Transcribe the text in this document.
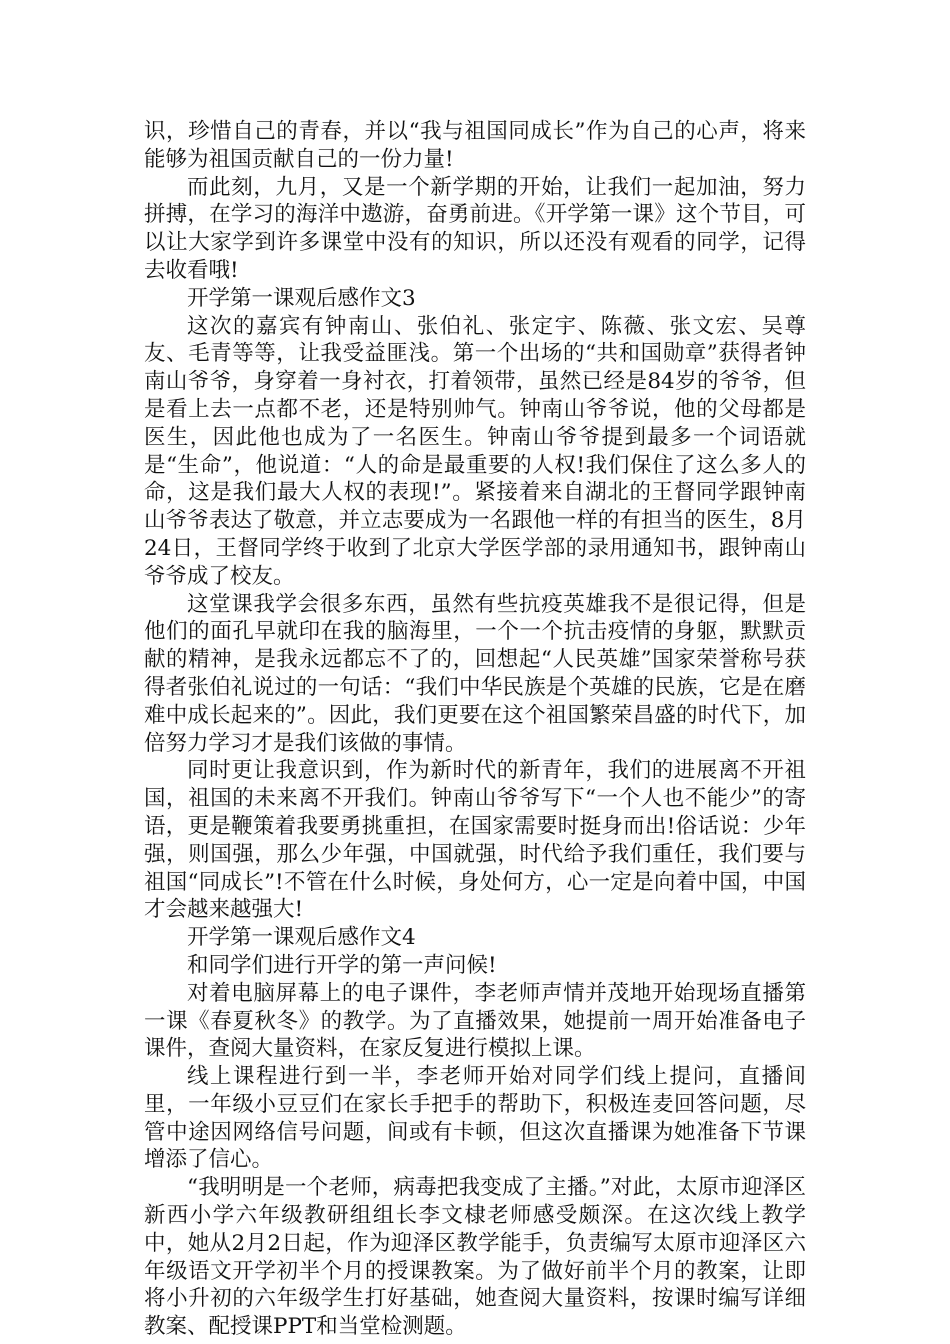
识，珍惜自己的青春，并以“我与祖国同成长”作为自己的心声，将来能够为祖国贡献自己的一份力量!

而此刻，九月，又是一个新学期的开始，让我们一起加油，努力拼搏，在学习的海洋中遨游，奋勇前进。《开学第一课》这个节目，可以让大家学到许多课堂中没有的知识，所以还没有观看的同学，记得去收看哦!

开学第一课观后感作文3

这次的嘉宾有钟南山、张伯礼、张定宇、陈薇、张文宏、吴尊友、毛青等等，让我受益匪浅。第一个出场的“共和国勋章”获得者钟南山爷爷，身穿着一身衬衣，打着领带，虽然已经是84岁的爷爷，但是看上去一点都不老，还是特别帅气。钟南山爷爷说，他的父母都是医生，因此他也成为了一名医生。钟南山爷爷提到最多一个词语就是“生命”，他说道：“人的命是最重要的人权!我们保住了这么多人的命，这是我们最大人权的表现!”。紧接着来自湖北的王督同学跟钟南山爷爷表达了敬意，并立志要成为一名跟他一样的有担当的医生，8月24日，王督同学终于收到了北京大学医学部的录用通知书，跟钟南山爷爷成了校友。

这堂课我学会很多东西，虽然有些抗疫英雄我不是很记得，但是他们的面孔早就印在我的脑海里，一个一个抗击疫情的身躯，默默贡献的精神，是我永远都忘不了的，回想起“人民英雄”国家荣誉称号获得者张伯礼说过的一句话：“我们中华民族是个英雄的民族，它是在磨难中成长起来的”。因此，我们更要在这个祖国繁荣昌盛的时代下，加倍努力学习才是我们该做的事情。

同时更让我意识到，作为新时代的新青年，我们的进展离不开祖国，祖国的未来离不开我们。钟南山爷爷写下“一个人也不能少”的寄语，更是鞭策着我要勇挑重担，在国家需要时挺身而出!俗话说：少年强，则国强，那么少年强，中国就强，时代给予我们重任，我们要与祖国“同成长”!不管在什么时候，身处何方，心一定是向着中国，中国才会越来越强大!

开学第一课观后感作文4

和同学们进行开学的第一声问候!

对着电脑屏幕上的电子课件，李老师声情并茂地开始现场直播第一课《春夏秋冬》的教学。为了直播效果，她提前一周开始准备电子课件，查阅大量资料，在家反复进行模拟上课。

线上课程进行到一半，李老师开始对同学们线上提问，直播间里，一年级小豆豆们在家长手把手的帮助下，积极连麦回答问题，尽管中途因网络信号问题，间或有卡顿，但这次直播课为她准备下节课增添了信心。

“我明明是一个老师，病毒把我变成了主播。”对此，太原市迎泽区新西小学六年级教研组组长李文棣老师感受颇深。在这次线上教学中，她从2月2日起，作为迎泽区教学能手，负责编写太原市迎泽区六年级语文开学初半个月的授课教案。为了做好前半个月的教案，让即将小升初的六年级学生打好基础，她查阅大量资料，按课时编写详细教案、配授课PPT和当堂检测题。
